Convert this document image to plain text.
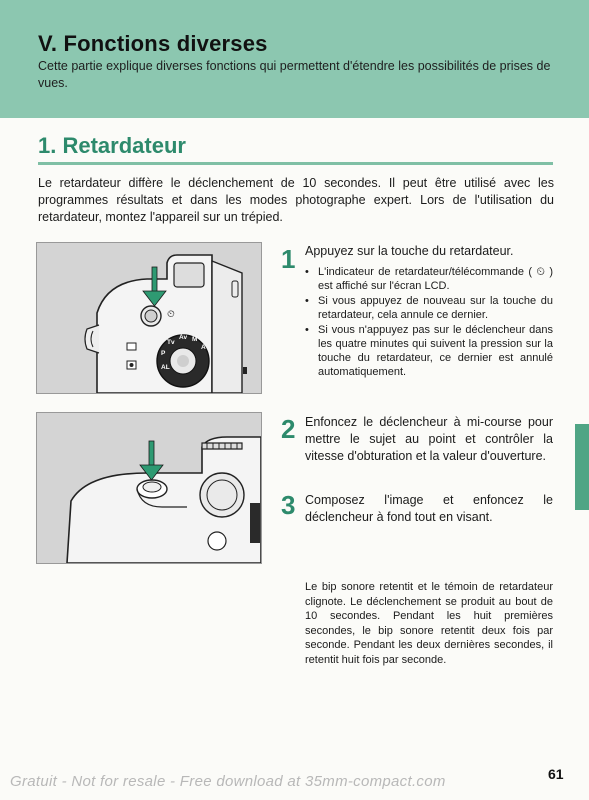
V. Fonctions diverses
Cette partie explique diverses fonctions qui permettent d'étendre les possibilités de prises de vues.
1. Retardateur
Le retardateur diffère le déclenchement de 10 secondes. Il peut être utilisé avec les programmes résultats et dans les modes photographe expert. Lors de l'utilisation du retardateur, montez l'appareil sur un trépied.
⏲
P
Tv
Av M
A
AL
1 Appuyez sur la touche du retardateur.
• L'indicateur de retardateur/télécommande ( ⏲ ) est affiché sur l'écran LCD.
• Si vous appuyez de nouveau sur la touche du retardateur, cela annule ce dernier.
• Si vous n'appuyez pas sur le déclencheur dans les quatre minutes qui suivent la pression sur la touche du retardateur, ce dernier est annulé automatiquement.
2 Enfoncez le déclencheur à mi-course pour mettre le sujet au point et contrôler la vitesse d'obturation et la valeur d'ouverture.
3 Composez l'image et enfoncez le déclencheur à fond tout en visant.
Le bip sonore retentit et le témoin de retardateur clignote. Le déclenchement se produit au bout de 10 secondes. Pendant les huit premières secondes, le bip sonore retentit deux fois par seconde. Pendant les deux dernières secondes, il retentit huit fois par seconde.
61
Gratuit - Not for resale - Free download at 35mm-compact.com
